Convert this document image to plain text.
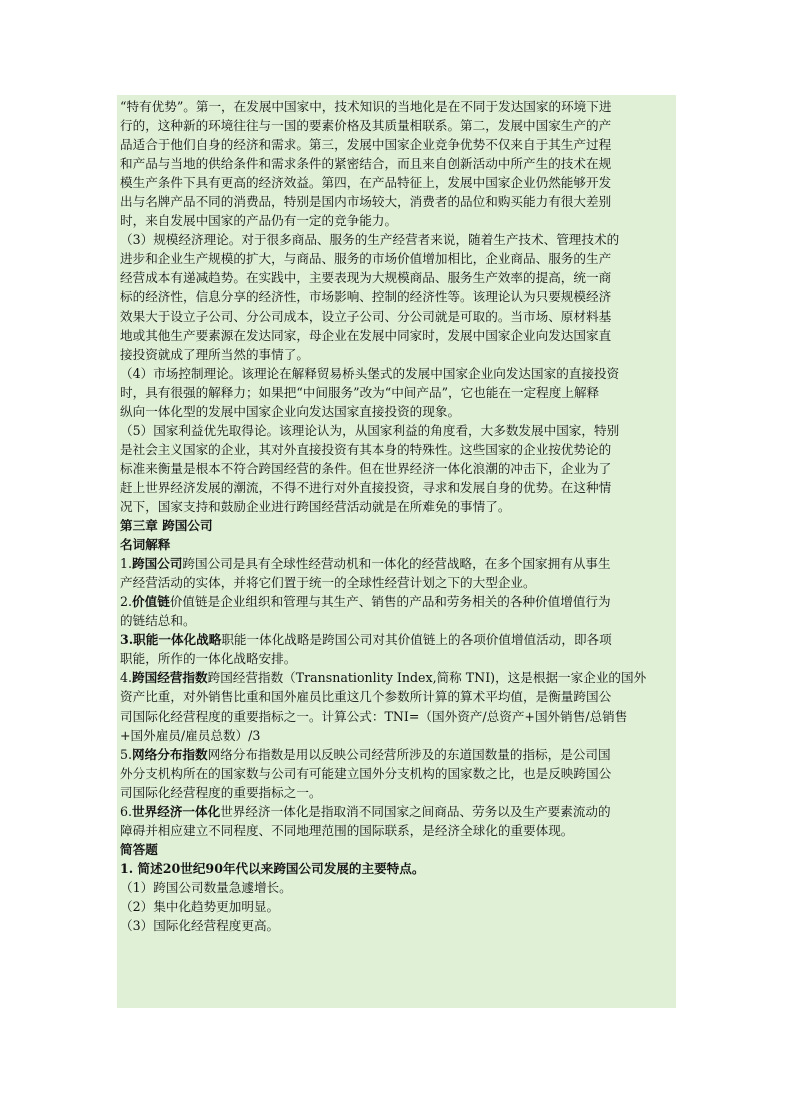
“特有优势”。第一，在发展中国家中，技术知识的当地化是在不同于发达国家的环境下进
行的，这种新的环境往往与一国的要素价格及其质量相联系。第二，发展中国家生产的产
品适合于他们自身的经济和需求。第三，发展中国家企业竞争优势不仅来自于其生产过程
和产品与当地的供给条件和需求条件的紧密结合，而且来自创新活动中所产生的技术在规
模生产条件下具有更高的经济效益。第四，在产品特征上，发展中国家企业仍然能够开发
出与名牌产品不同的消费品，特别是国内市场较大，消费者的品位和购买能力有很大差别
时，来自发展中国家的产品仍有一定的竞争能力。
（3）规模经济理论。对于很多商品、服务的生产经营者来说，随着生产技术、管理技术的
进步和企业生产规模的扩大，与商品、服务的市场价值增加相比，企业商品、服务的生产
经营成本有递减趋势。在实践中，主要表现为大规模商品、服务生产效率的提高，统一商
标的经济性，信息分享的经济性，市场影响、控制的经济性等。该理论认为只要规模经济
效果大于设立子公司、分公司成本，设立子公司、分公司就是可取的。当市场、原材料基
地或其他生产要素源在发达同家，母企业在发展中同家时，发展中国家企业向发达国家直
接投资就成了理所当然的事情了。
（4）市场控制理论。该理论在解释贸易桥头堡式的发展中国家企业向发达国家的直接投资
时，具有很强的解释力；如果把“中间服务”改为“中间产品”，它也能在一定程度上解释
纵向一体化型的发展中国家企业向发达国家直接投资的现象。
（5）国家利益优先取得论。该理论认为，从国家利益的角度看，大多数发展中国家，特别
是社会主义国家的企业，其对外直接投资有其本身的特殊性。这些国家的企业按优势论的
标准来衡量是根本不符合跨国经营的条件。但在世界经济一体化浪潮的冲击下，企业为了
赶上世界经济发展的潮流，不得不进行对外直接投资，寻求和发展自身的优势。在这种情
况下，国家支持和鼓励企业进行跨国经营活动就是在所难免的事情了。
第三章 跨国公司
名词解释
1.跨国公司跨国公司是具有全球性经营动机和一体化的经营战略，在多个国家拥有从事生
产经营活动的实体，并将它们置于统一的全球性经营计划之下的大型企业。
2.价值链价值链是企业组织和管理与其生产、销售的产品和劳务相关的各种价值增值行为
的链结总和。
3.职能一体化战略职能一体化战略是跨国公司对其价值链上的各项价值增值活动，即各项
职能，所作的一体化战略安排。
4.跨国经营指数跨国经营指数（Transnationlity Index,简称 TNI)，这是根据一家企业的国外
资产比重，对外销售比重和国外雇员比重这几个参数所计算的算术平均值，是衡量跨国公
司国际化经营程度的重要指标之一。计算公式：TNI=（国外资产/总资产+国外销售/总销售
+国外雇员/雇员总数）/3
5.网络分布指数网络分布指数是用以反映公司经营所涉及的东道国数量的指标，是公司国
外分支机构所在的国家数与公司有可能建立国外分支机构的国家数之比，也是反映跨国公
司国际化经营程度的重要指标之一。
6.世界经济一体化世界经济一体化是指取消不同国家之间商品、劳务以及生产要素流动的
障碍并相应建立不同程度、不同地理范围的国际联系，是经济全球化的重要体现。
简答题
1. 简述20世纪90年代以来跨国公司发展的主要特点。
（1）跨国公司数量急遽增长。
（2）集中化趋势更加明显。
（3）国际化经营程度更高。
